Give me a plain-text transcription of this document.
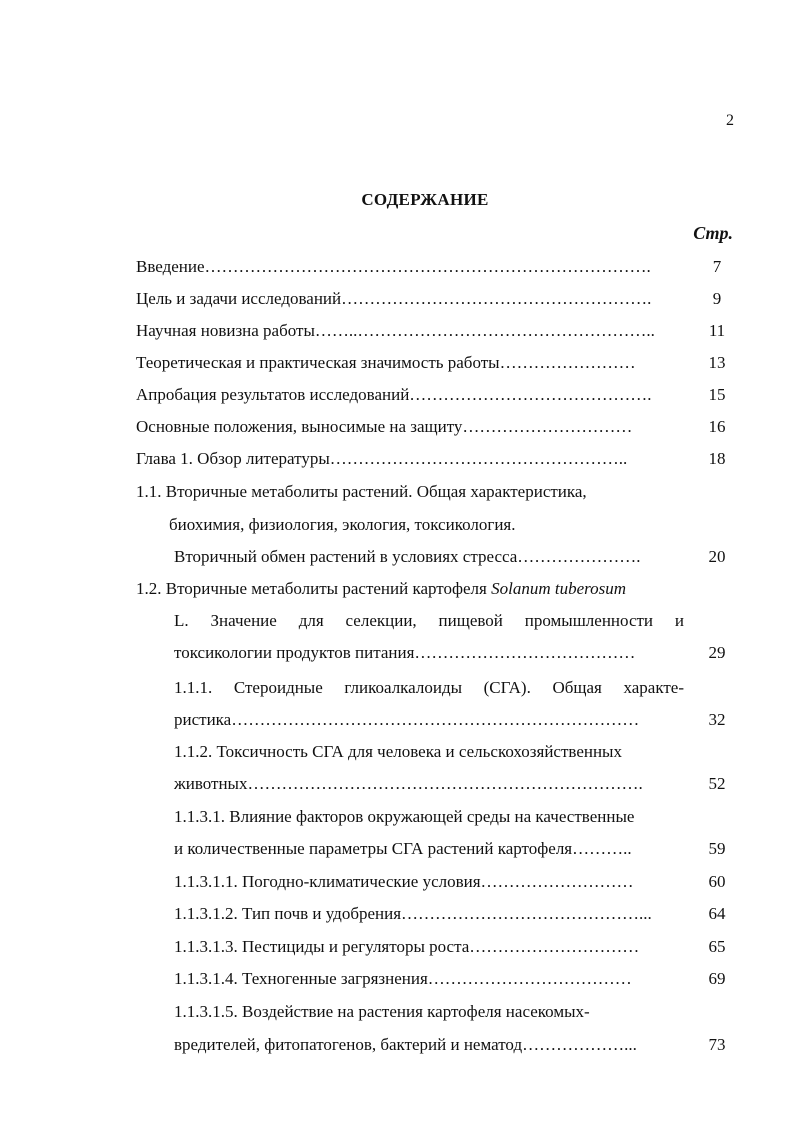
2
СОДЕРЖАНИЕ
Стр.
Введение…………………………………………………………………….	7
Цель и задачи исследований……………………………………………….	9
Научная новизна работы……..……………………………………………..	11
Теоретическая и практическая значимость работы……………………	13
Апробация результатов исследований…………………………………….	15
Основные положения, выносимые на защиту…………………………	16
Глава 1. Обзор литературы……………………………………………..	18
1.1. Вторичные метаболиты растений. Общая характеристика,
биохимия, физиология, экология, токсикология.
Вторичный обмен растений в условиях стресса………………….	20
1.2. Вторичные метаболиты растений картофеля Solanum tuberosum
L. Значение для селекции, пищевой промышленности и
токсикологии продуктов питания…………………………………	29
1.1.1. Стероидные гликоалкалоиды (СГА). Общая характе-
ристика………………………………………………………………	32
1.1.2. Токсичность СГА для человека и сельскохозяйственных
животных…………………………………………………………….	52
1.1.3.1. Влияние факторов окружающей среды на качественные
и количественные параметры СГА растений картофеля………..	59
1.1.3.1.1. Погодно-климатические условия………………………	60
1.1.3.1.2. Тип почв и удобрения……………………………………...	64
1.1.3.1.3. Пестициды и регуляторы роста…………………………	65
1.1.3.1.4. Техногенные загрязнения………………………………	69
1.1.3.1.5. Воздействие на растения картофеля насекомых-
вредителей, фитопатогенов, бактерий и нематод………………...	73
